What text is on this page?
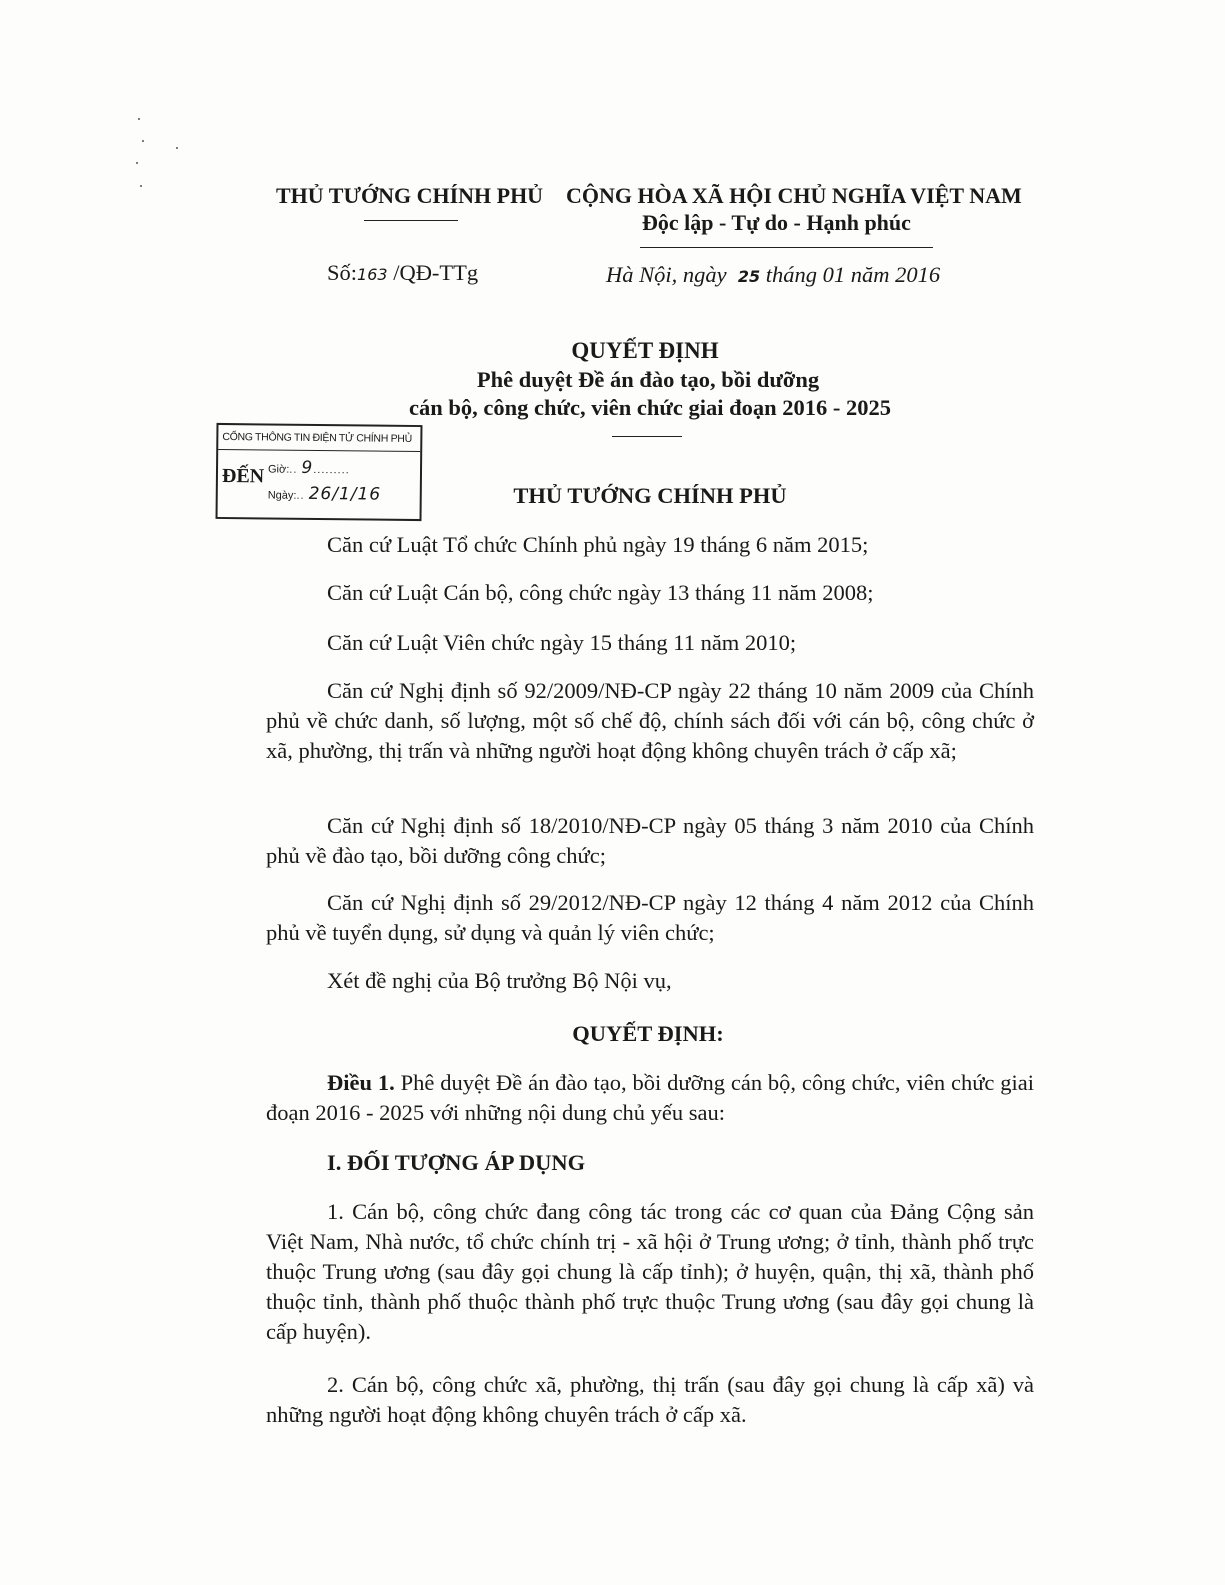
THỦ TƯỚNG CHÍNH PHỦ CỘNG HÒA XÃ HỘI CHỦ NGHĨA VIỆT NAM
Độc lập - Tự do - Hạnh phúc
Số:163 /QĐ-TTg	Hà Nội, ngày 25 tháng 01 năm 2016
QUYẾT ĐỊNH
Phê duyệt Đề án đào tạo, bồi dưỡng
cán bộ, công chức, viên chức giai đoạn 2016 - 2025
CỔNG THÔNG TIN ĐIỆN TỬ CHÍNH PHỦ
ĐẾN Giờ:.. 9.........
Ngày:.. 26/1/16	THỦ TƯỚNG CHÍNH PHỦ
Căn cứ Luật Tổ chức Chính phủ ngày 19 tháng 6 năm 2015;
Căn cứ Luật Cán bộ, công chức ngày 13 tháng 11 năm 2008;
Căn cứ Luật Viên chức ngày 15 tháng 11 năm 2010;
Căn cứ Nghị định số 92/2009/NĐ-CP ngày 22 tháng 10 năm 2009 của Chính phủ về chức danh, số lượng, một số chế độ, chính sách đối với cán bộ, công chức ở xã, phường, thị trấn và những người hoạt động không chuyên trách ở cấp xã;
Căn cứ Nghị định số 18/2010/NĐ-CP ngày 05 tháng 3 năm 2010 của Chính phủ về đào tạo, bồi dưỡng công chức;
Căn cứ Nghị định số 29/2012/NĐ-CP ngày 12 tháng 4 năm 2012 của Chính phủ về tuyển dụng, sử dụng và quản lý viên chức;
Xét đề nghị của Bộ trưởng Bộ Nội vụ,
QUYẾT ĐỊNH:
Điều 1. Phê duyệt Đề án đào tạo, bồi dưỡng cán bộ, công chức, viên chức giai đoạn 2016 - 2025 với những nội dung chủ yếu sau:
I. ĐỐI TƯỢNG ÁP DỤNG
1. Cán bộ, công chức đang công tác trong các cơ quan của Đảng Cộng sản Việt Nam, Nhà nước, tổ chức chính trị - xã hội ở Trung ương; ở tỉnh, thành phố trực thuộc Trung ương (sau đây gọi chung là cấp tỉnh); ở huyện, quận, thị xã, thành phố thuộc tỉnh, thành phố thuộc thành phố trực thuộc Trung ương (sau đây gọi chung là cấp huyện).
2. Cán bộ, công chức xã, phường, thị trấn (sau đây gọi chung là cấp xã) và những người hoạt động không chuyên trách ở cấp xã.
